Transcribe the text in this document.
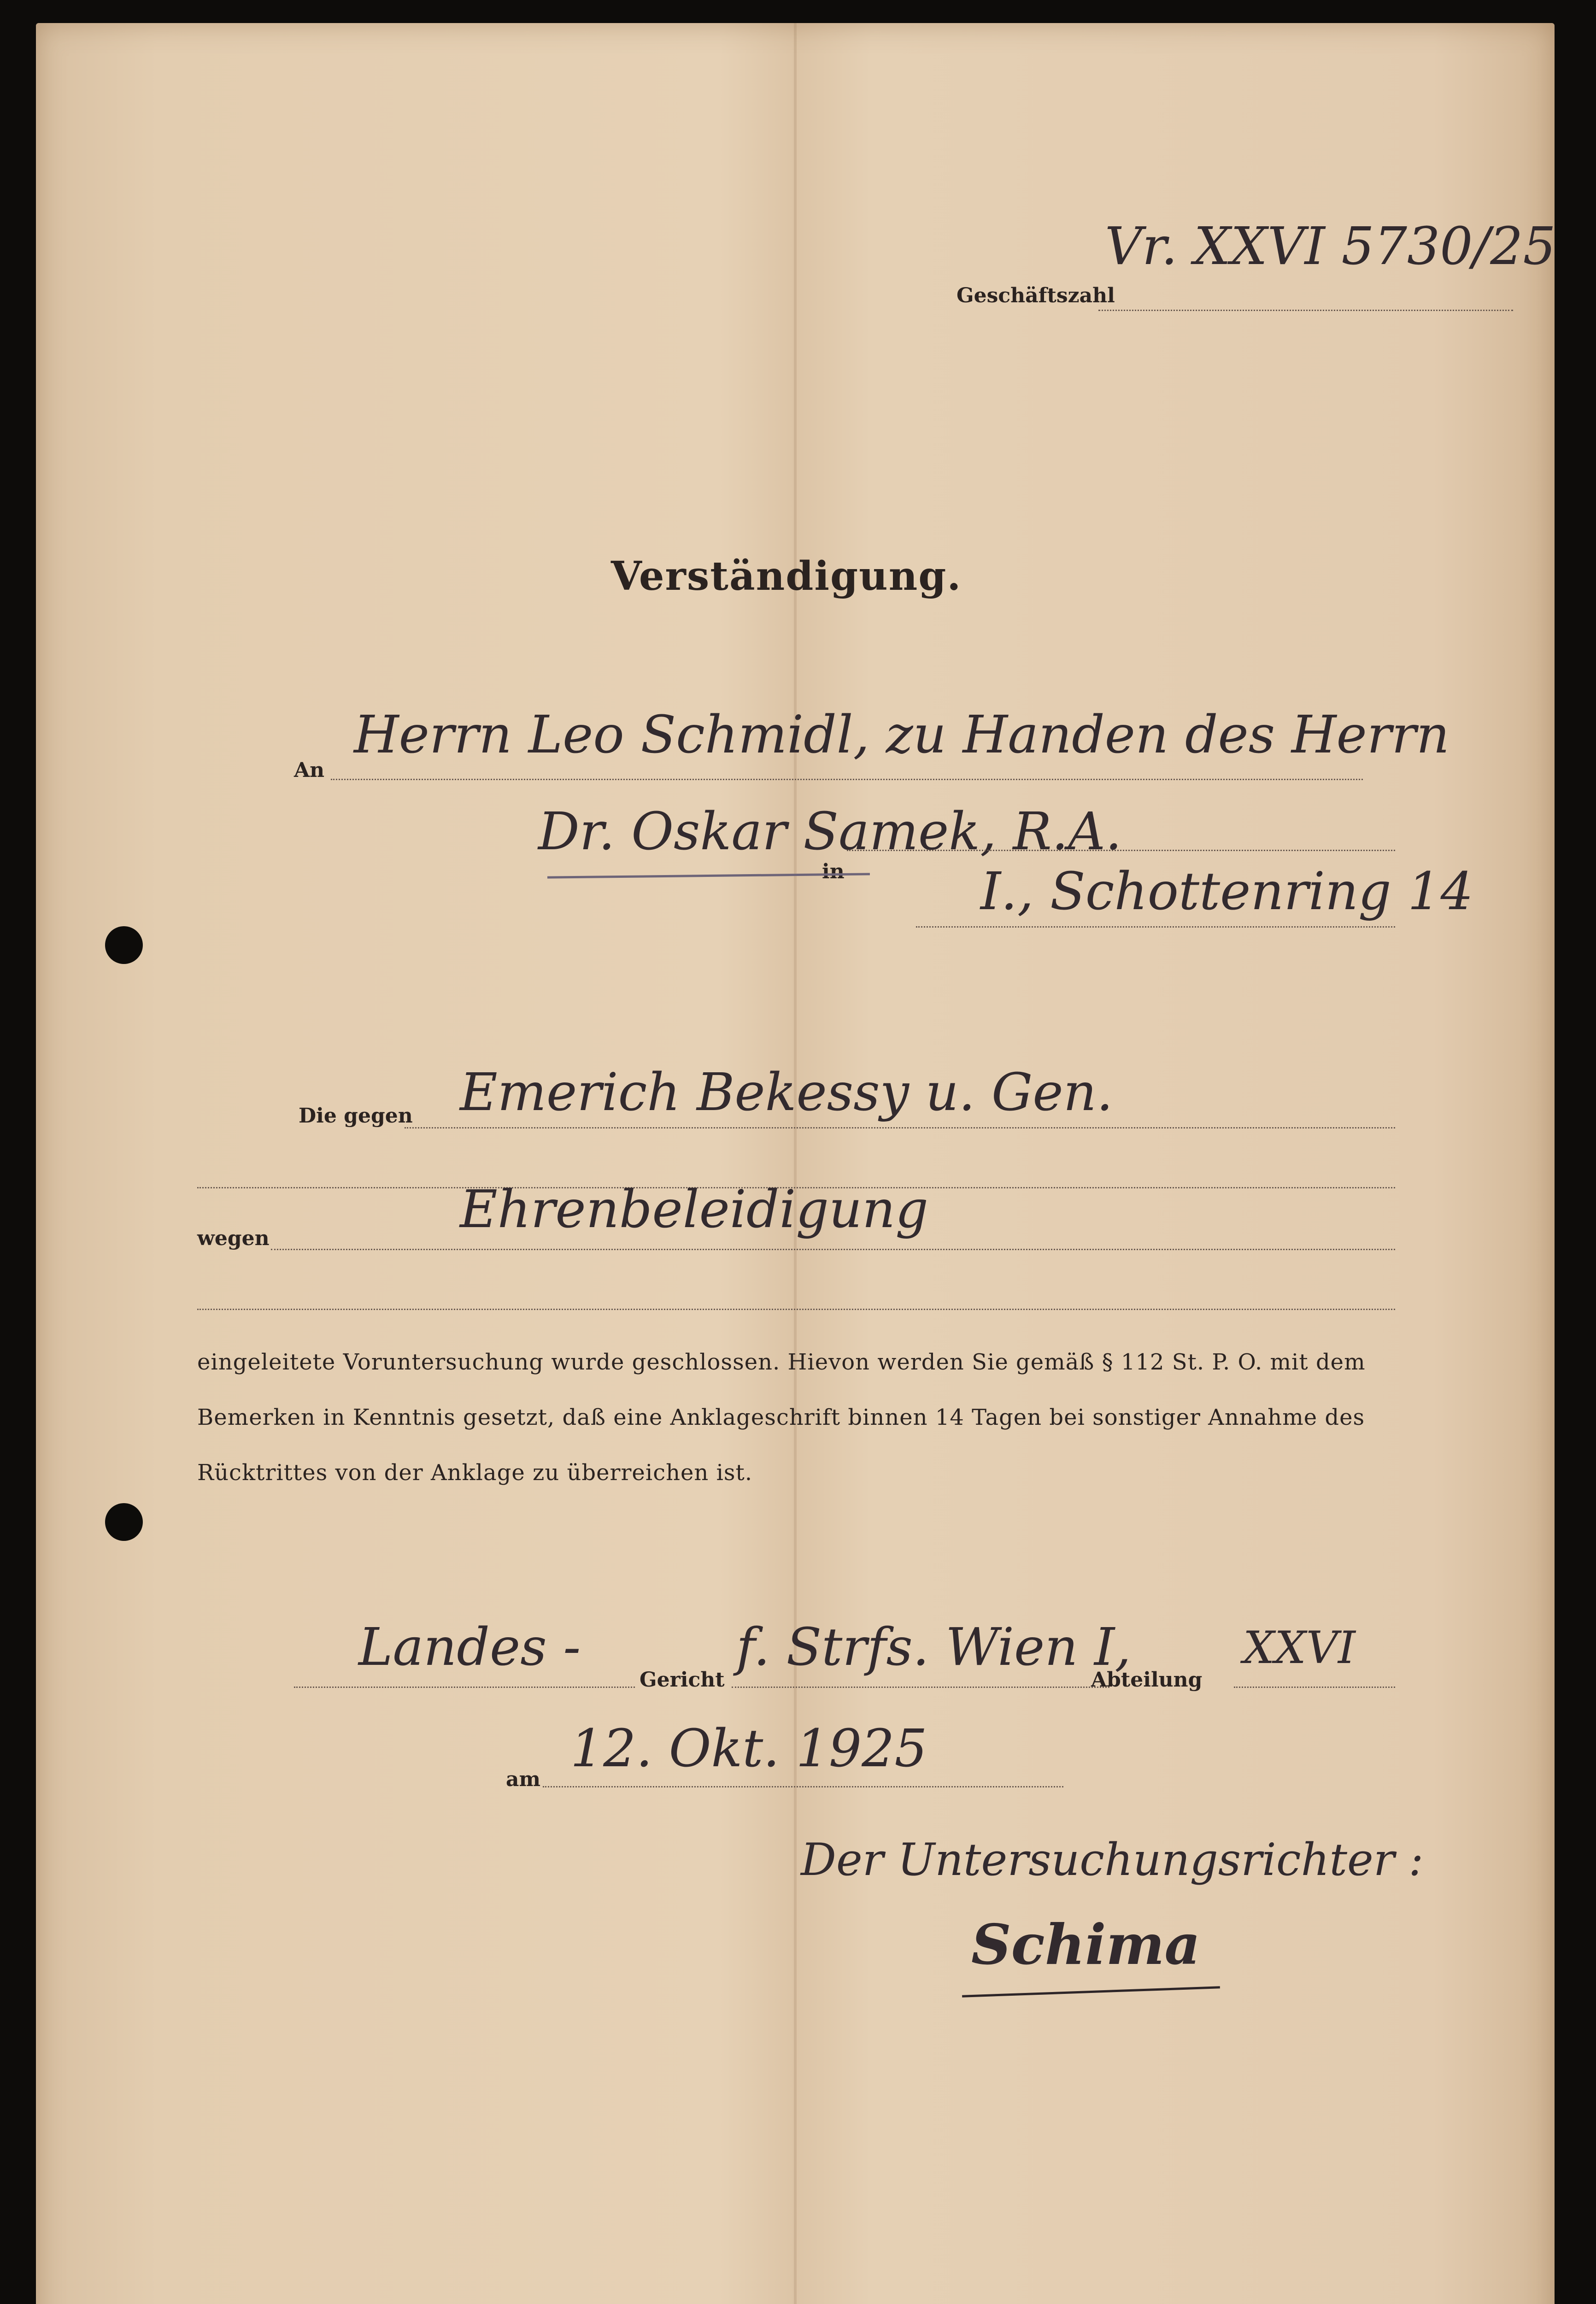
Geschäftszahl
Vr. XXVI 5730/25
Verständigung.
An
Herrn Leo Schmidl, zu Handen des Herrn
Dr. Oskar Samek, R.A.
in	I., Schottenring 14
Die gegen Emerich Bekessy u. Gen.
wegen	Ehrenbeleidigung
eingeleitete Voruntersuchung wurde geschlossen. Hievon werden Sie gemäß § 112 St. P. O. mit dem
Bemerken in Kenntnis gesetzt, daß eine Anklageschrift binnen 14 Tagen bei sonstiger Annahme des
Rücktrittes von der Anklage zu überreichen ist.
Landes -
Gericht
f. Strfs. Wien I,
Abteilung
XXVI
am
12. Okt. 1925
Der Untersuchungsrichter :
Schima
